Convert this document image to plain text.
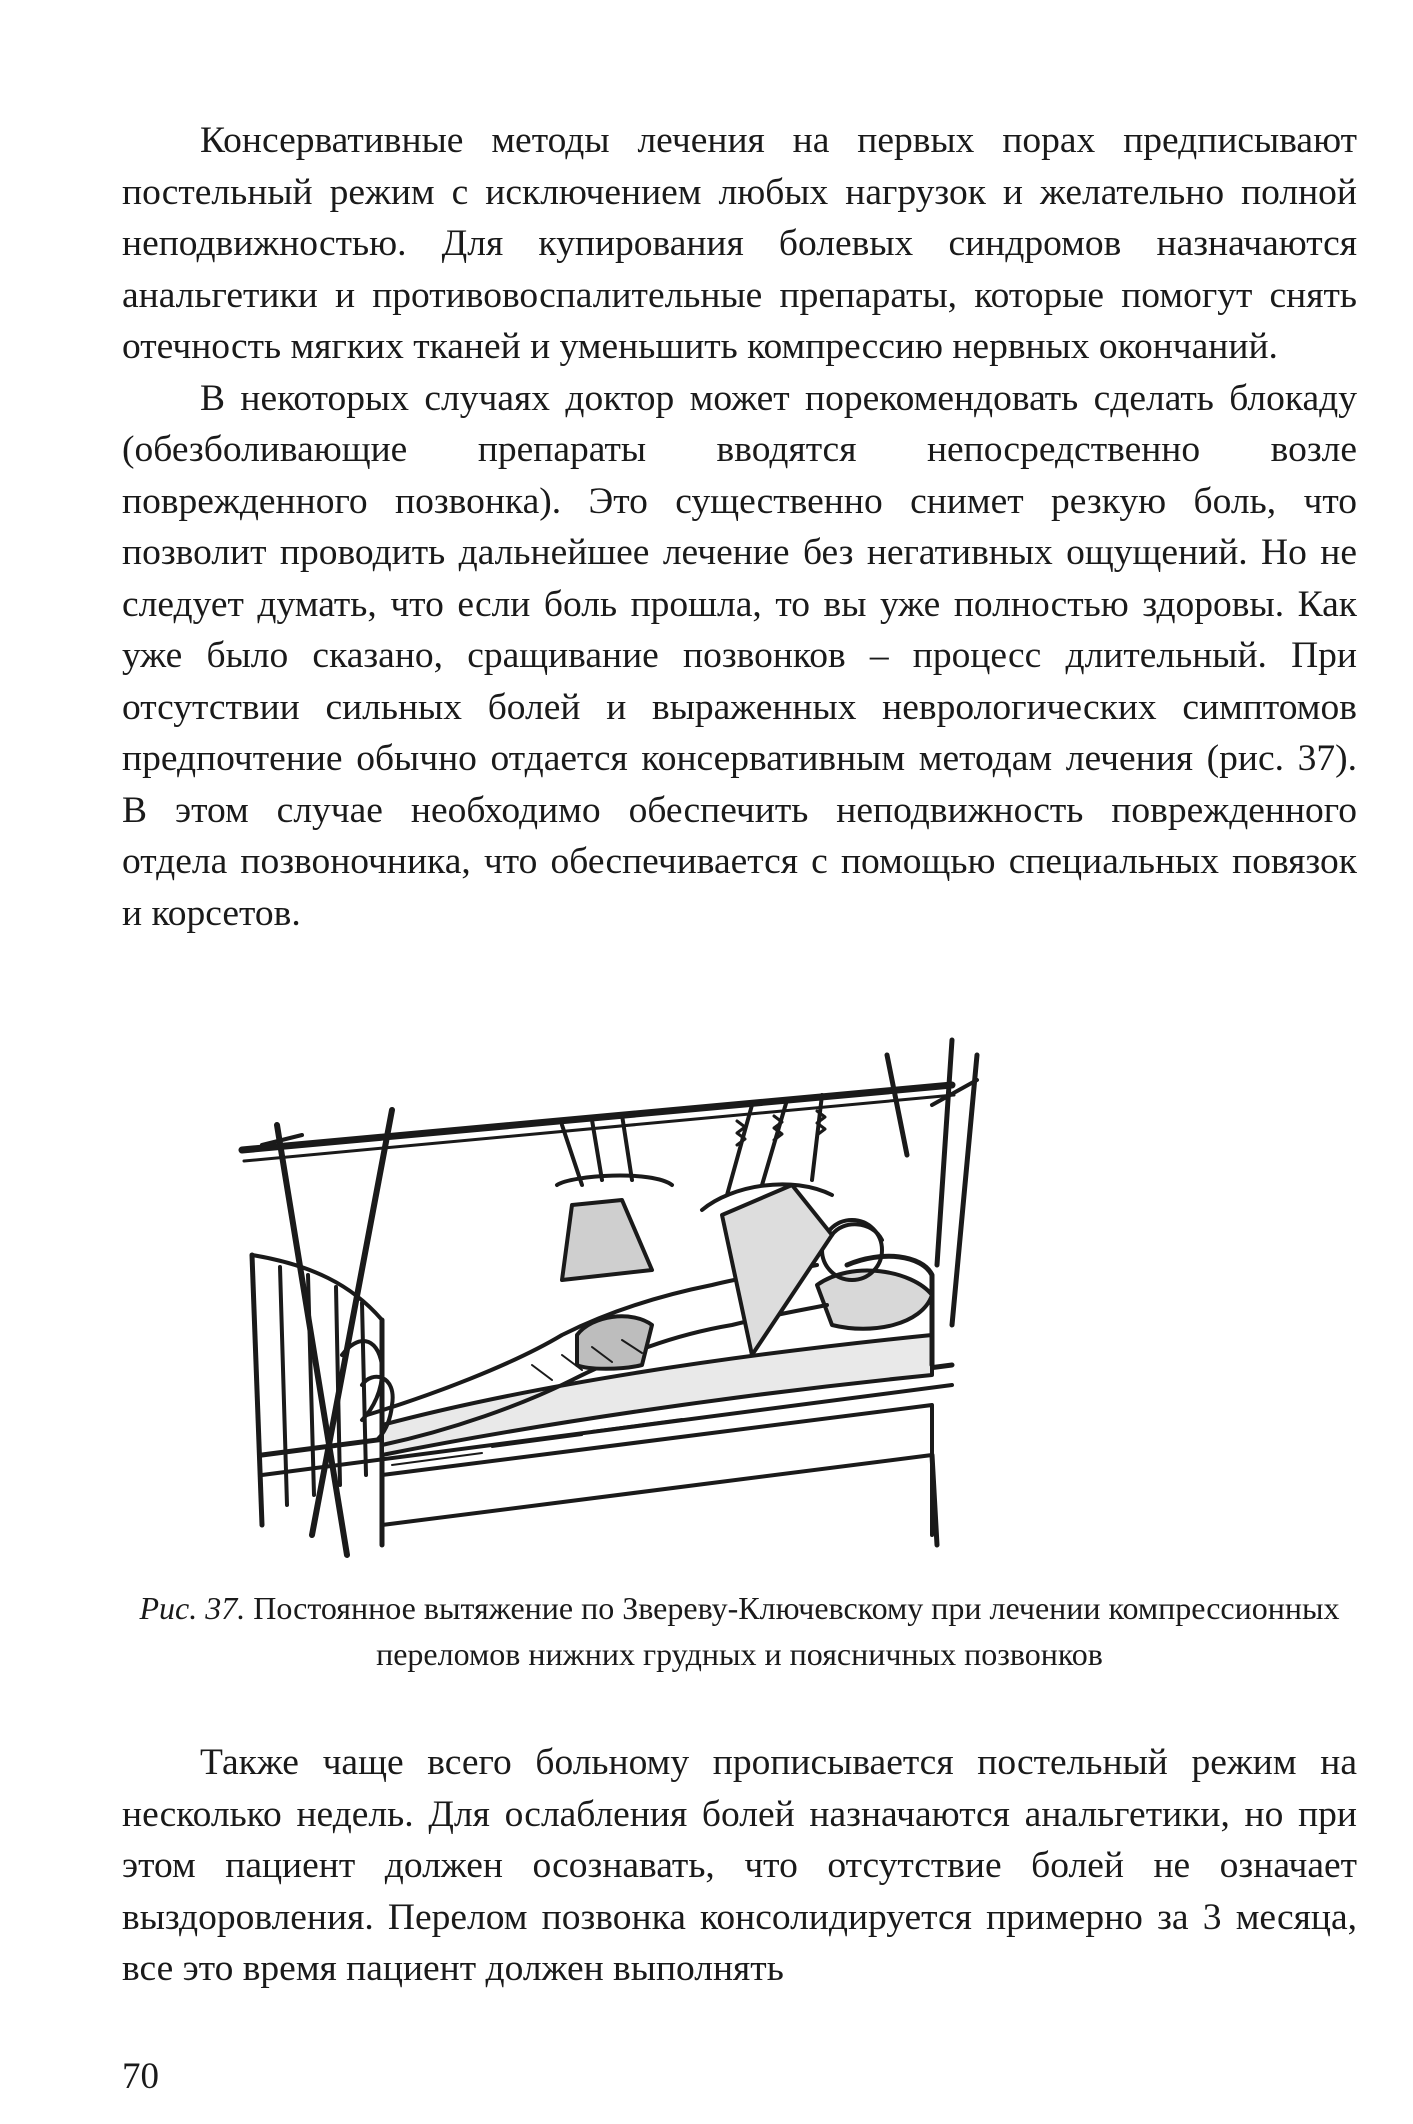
Консервативные методы лечения на первых порах предписывают постельный режим с исключением любых нагрузок и желательно полной неподвижностью. Для купирования болевых синдромов назначаются анальгетики и противовоспалительные препараты, которые помогут снять отечность мягких тканей и уменьшить компрессию нервных окончаний.

В некоторых случаях доктор может порекомендовать сделать блокаду (обезболивающие препараты вводятся непосредственно возле поврежденного позвонка). Это существенно снимет резкую боль, что позволит проводить дальнейшее лечение без негативных ощущений. Но не следует думать, что если боль прошла, то вы уже полностью здоровы. Как уже было сказано, сращивание позвонков – процесс длительный. При отсутствии сильных болей и выраженных неврологических симптомов предпочтение обычно отдается консервативным методам лечения (рис. 37). В этом случае необходимо обеспечить неподвижность поврежденного отдела позвоночника, что обеспечивается с помощью специальных повязок и корсетов.

Рис. 37. Постоянное вытяжение по Звереву-Ключевскому при лечении компрессионных переломов нижних грудных и поясничных позвонков

Также чаще всего больному прописывается постельный режим на несколько недель. Для ослабления болей назначаются анальгетики, но при этом пациент должен осознавать, что отсутствие болей не означает выздоровления. Перелом позвонка консолидируется примерно за 3 месяца, все это время пациент должен выполнять

70
